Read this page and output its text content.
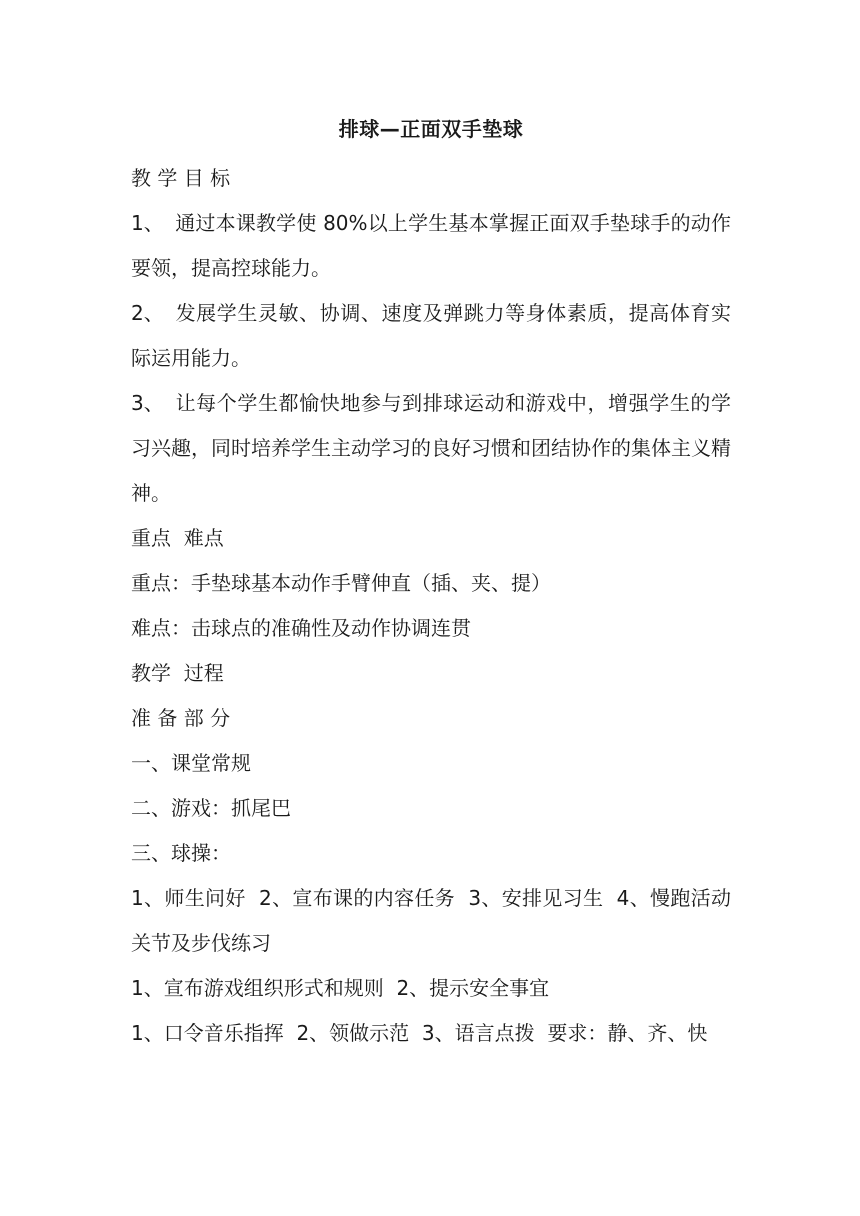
排球—正面双手垫球
教 学 目 标
1、 通过本课教学使 80%以上学生基本掌握正面双手垫球手的动作要领，提高控球能力。
2、 发展学生灵敏、协调、速度及弹跳力等身体素质，提高体育实际运用能力。
3、 让每个学生都愉快地参与到排球运动和游戏中，增强学生的学习兴趣，同时培养学生主动学习的良好习惯和团结协作的集体主义精神。
重点  难点
重点：手垫球基本动作手臂伸直（插、夹、提）
难点：击球点的准确性及动作协调连贯
教学  过程
准 备 部 分
一、课堂常规
二、游戏：抓尾巴
三、球操：
1、师生问好  2、宣布课的内容任务  3、安排见习生  4、慢跑活动关节及步伐练习
1、宣布游戏组织形式和规则  2、提示安全事宜
1、口令音乐指挥  2、领做示范  3、语言点拨  要求：静、齐、快
